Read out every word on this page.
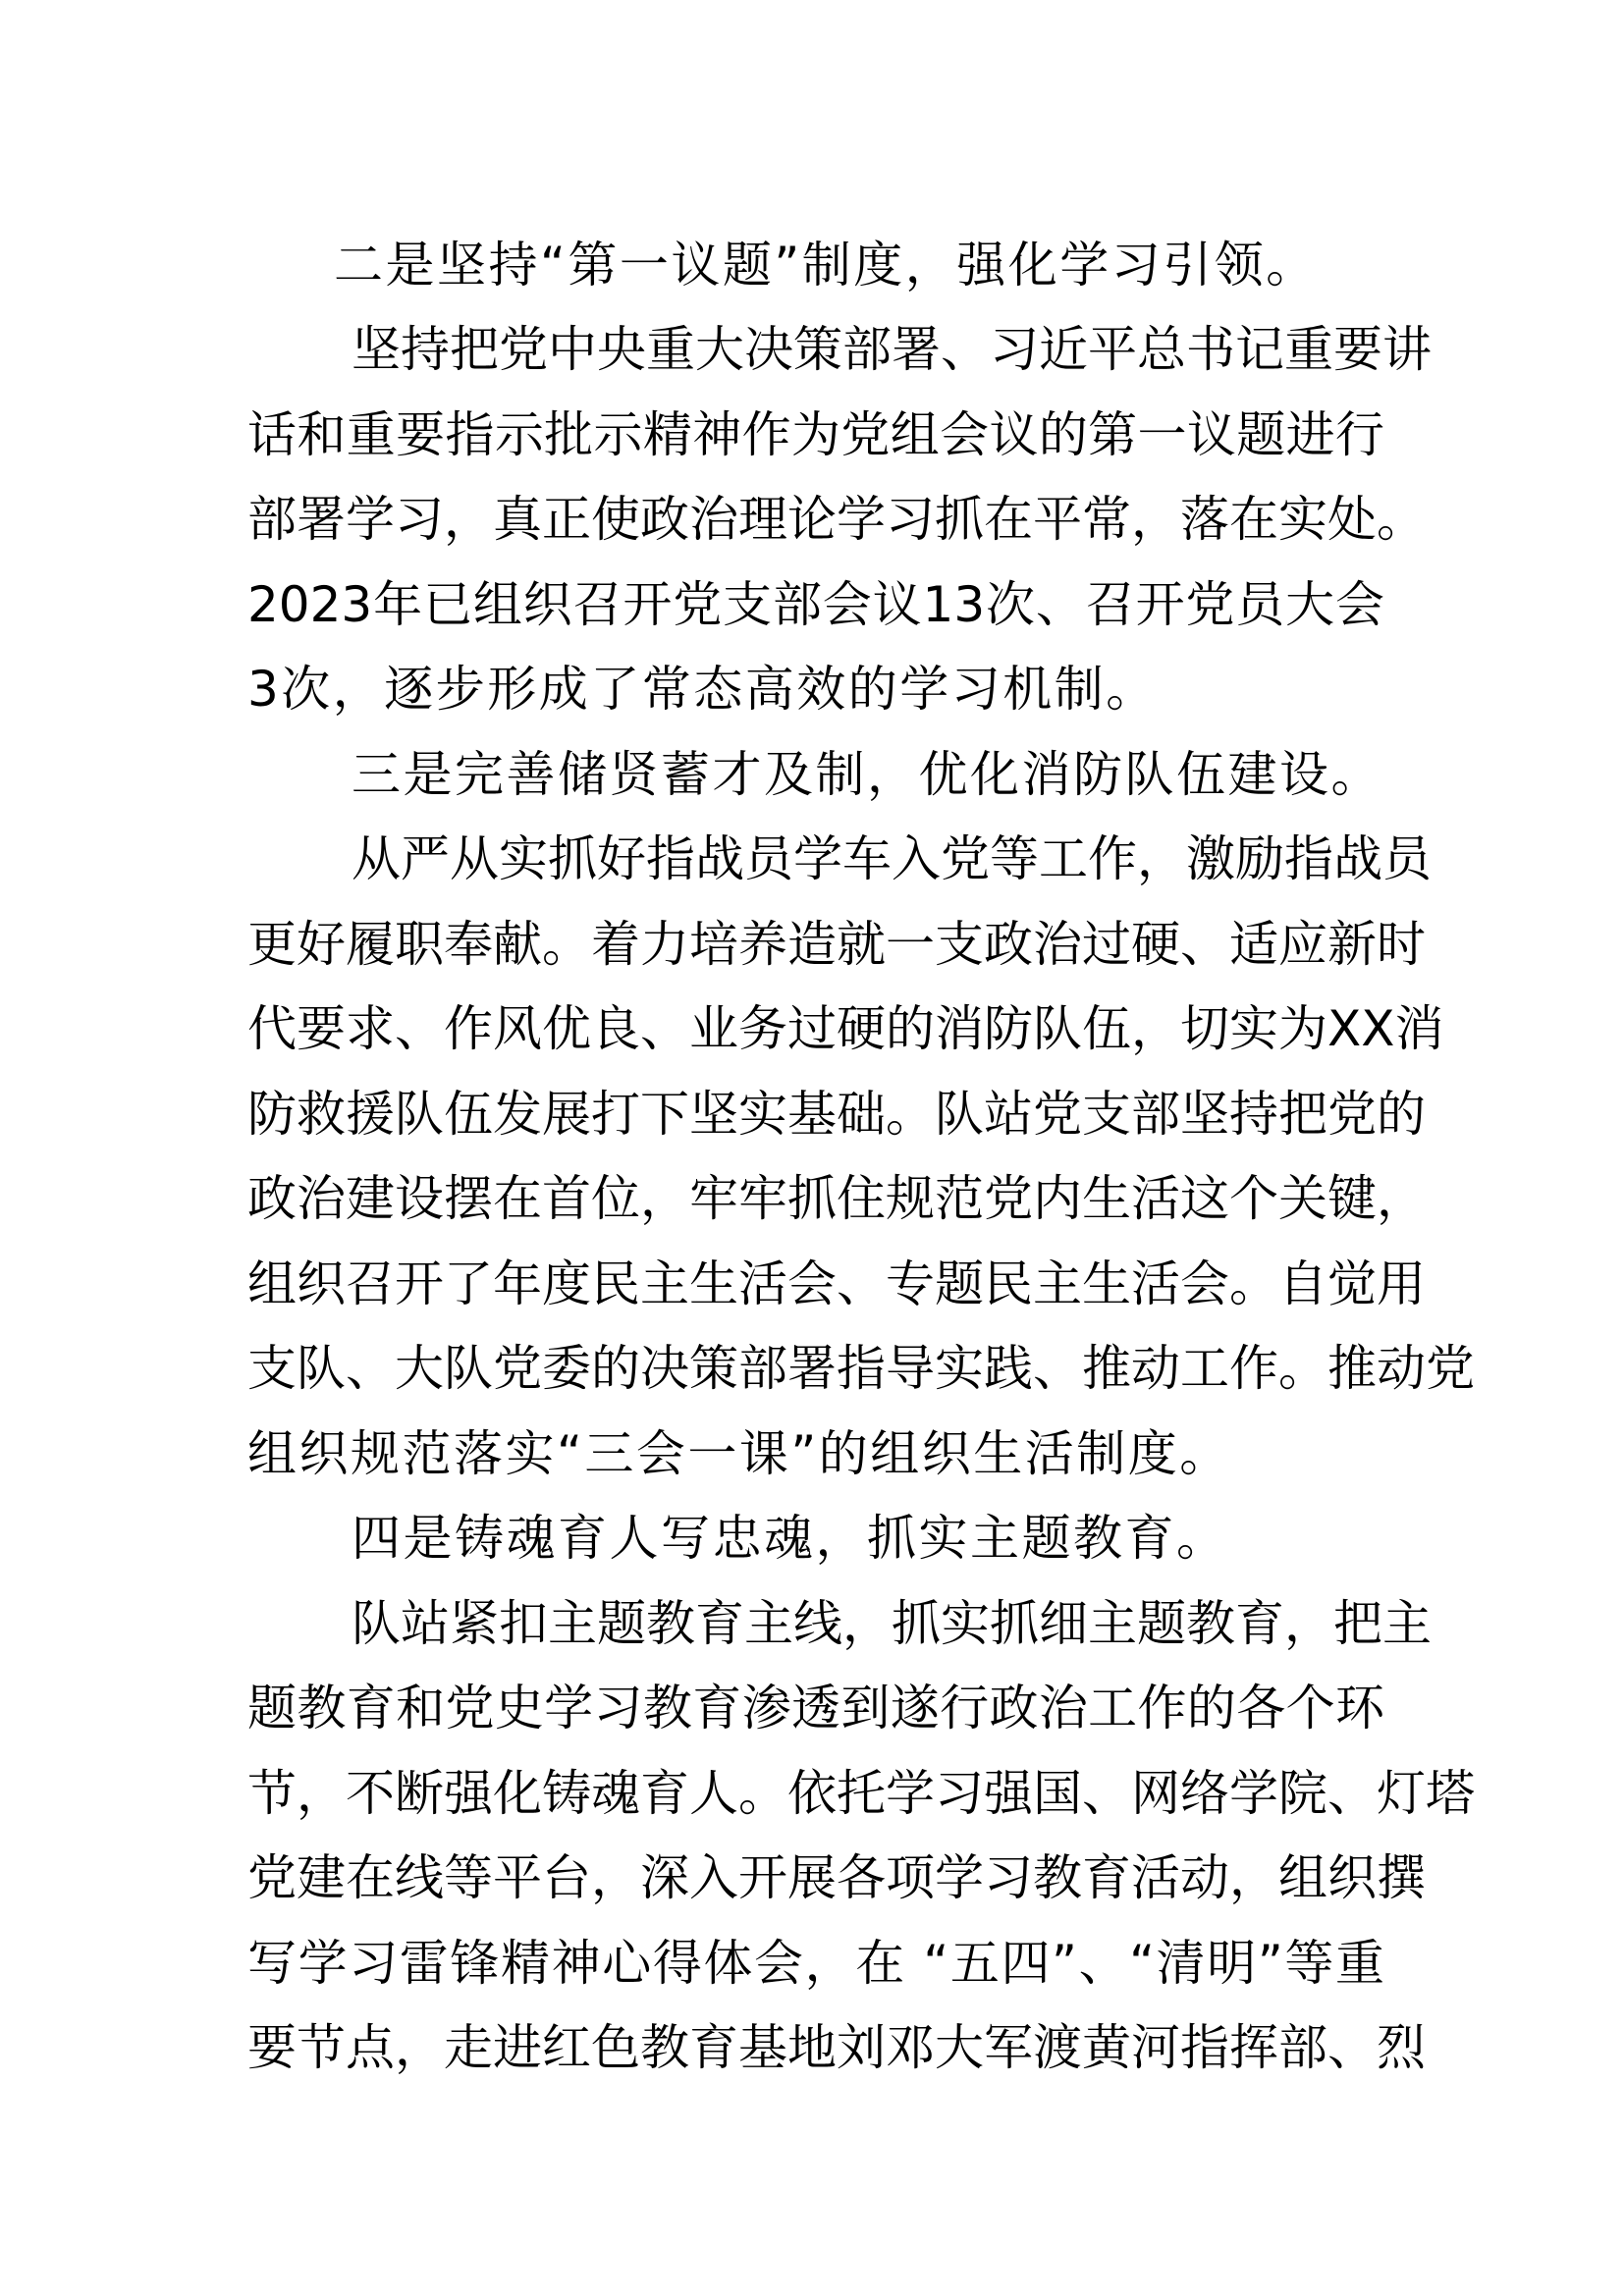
二是坚持“第一议题”制度，强化学习引领。
坚持把党中央重大决策部署、习近平总书记重要讲
话和重要指示批示精神作为党组会议的第一议题进行
部署学习，真正使政治理论学习抓在平常，落在实处。
2023年已组织召开党支部会议13次、召开党员大会
3次，逐步形成了常态高效的学习机制。
三是完善储贤蓄才及制，优化消防队伍建设。
从严从实抓好指战员学车入党等工作，激励指战员
更好履职奉献。着力培养造就一支政治过硬、适应新时
代要求、作风优良、业务过硬的消防队伍，切实为XX消
防救援队伍发展打下坚实基础。队站党支部坚持把党的
政治建设摆在首位，牢牢抓住规范党内生活这个关键，
组织召开了年度民主生活会、专题民主生活会。自觉用
支队、大队党委的决策部署指导实践、推动工作。推动党
组织规范落实“三会一课”的组织生活制度。
四是铸魂育人写忠魂，抓实主题教育。
队站紧扣主题教育主线，抓实抓细主题教育，把主
题教育和党史学习教育渗透到遂行政治工作的各个环
节，不断强化铸魂育人。依托学习强国、网络学院、灯塔
党建在线等平台，深入开展各项学习教育活动，组织撰
写学习雷锋精神心得体会，在 “五四”、“清明”等重
要节点，走进红色教育基地刘邓大军渡黄河指挥部、烈
